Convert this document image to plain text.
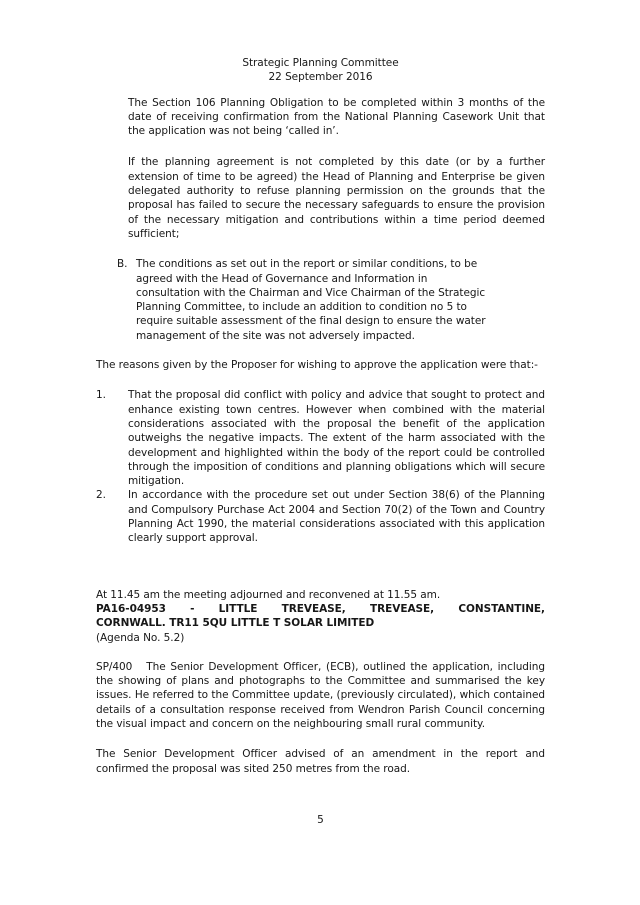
Strategic Planning Committee
22 September 2016

The Section 106 Planning Obligation to be completed within 3 months of the date of receiving confirmation from the National Planning Casework Unit that the application was not being ‘called in’.

If the planning agreement is not completed by this date (or by a further extension of time to be agreed) the Head of Planning and Enterprise be given delegated authority to refuse planning permission on the grounds that the proposal has failed to secure the necessary safeguards to ensure the provision of the necessary mitigation and contributions within a time period deemed sufficient;

B. The conditions as set out in the report or similar conditions, to be
agreed with the Head of Governance and Information in
consultation with the Chairman and Vice Chairman of the Strategic
Planning Committee, to include an addition to condition no 5 to
require suitable assessment of the final design to ensure the water
management of the site was not adversely impacted.

The reasons given by the Proposer for wishing to approve the application were that:-

1.	That the proposal did conflict with policy and advice that sought to protect and enhance existing town centres. However when combined with the material considerations associated with the proposal the benefit of the application outweighs the negative impacts. The extent of the harm associated with the development and highlighted within the body of the report could be controlled through the imposition of conditions and planning obligations which will secure mitigation.

2.	In accordance with the procedure set out under Section 38(6) of the Planning and Compulsory Purchase Act 2004 and Section 70(2) of the Town and Country Planning Act 1990, the material considerations associated with this application clearly support approval.

At 11.45 am the meeting adjourned and reconvened at 11.55 am.

PA16-04953 - LITTLE TREVEASE, TREVEASE, CONSTANTINE,

CORNWALL. TR11 5QU LITTLE T SOLAR LIMITED

(Agenda No. 5.2)

SP/400 The Senior Development Officer, (ECB), outlined the application, including the showing of plans and photographs to the Committee and summarised the key issues. He referred to the Committee update, (previously circulated), which contained details of a consultation response received from Wendron Parish Council concerning the visual impact and concern on the neighbouring small rural community.

The Senior Development Officer advised of an amendment in the report and confirmed the proposal was sited 250 metres from the road.

5
